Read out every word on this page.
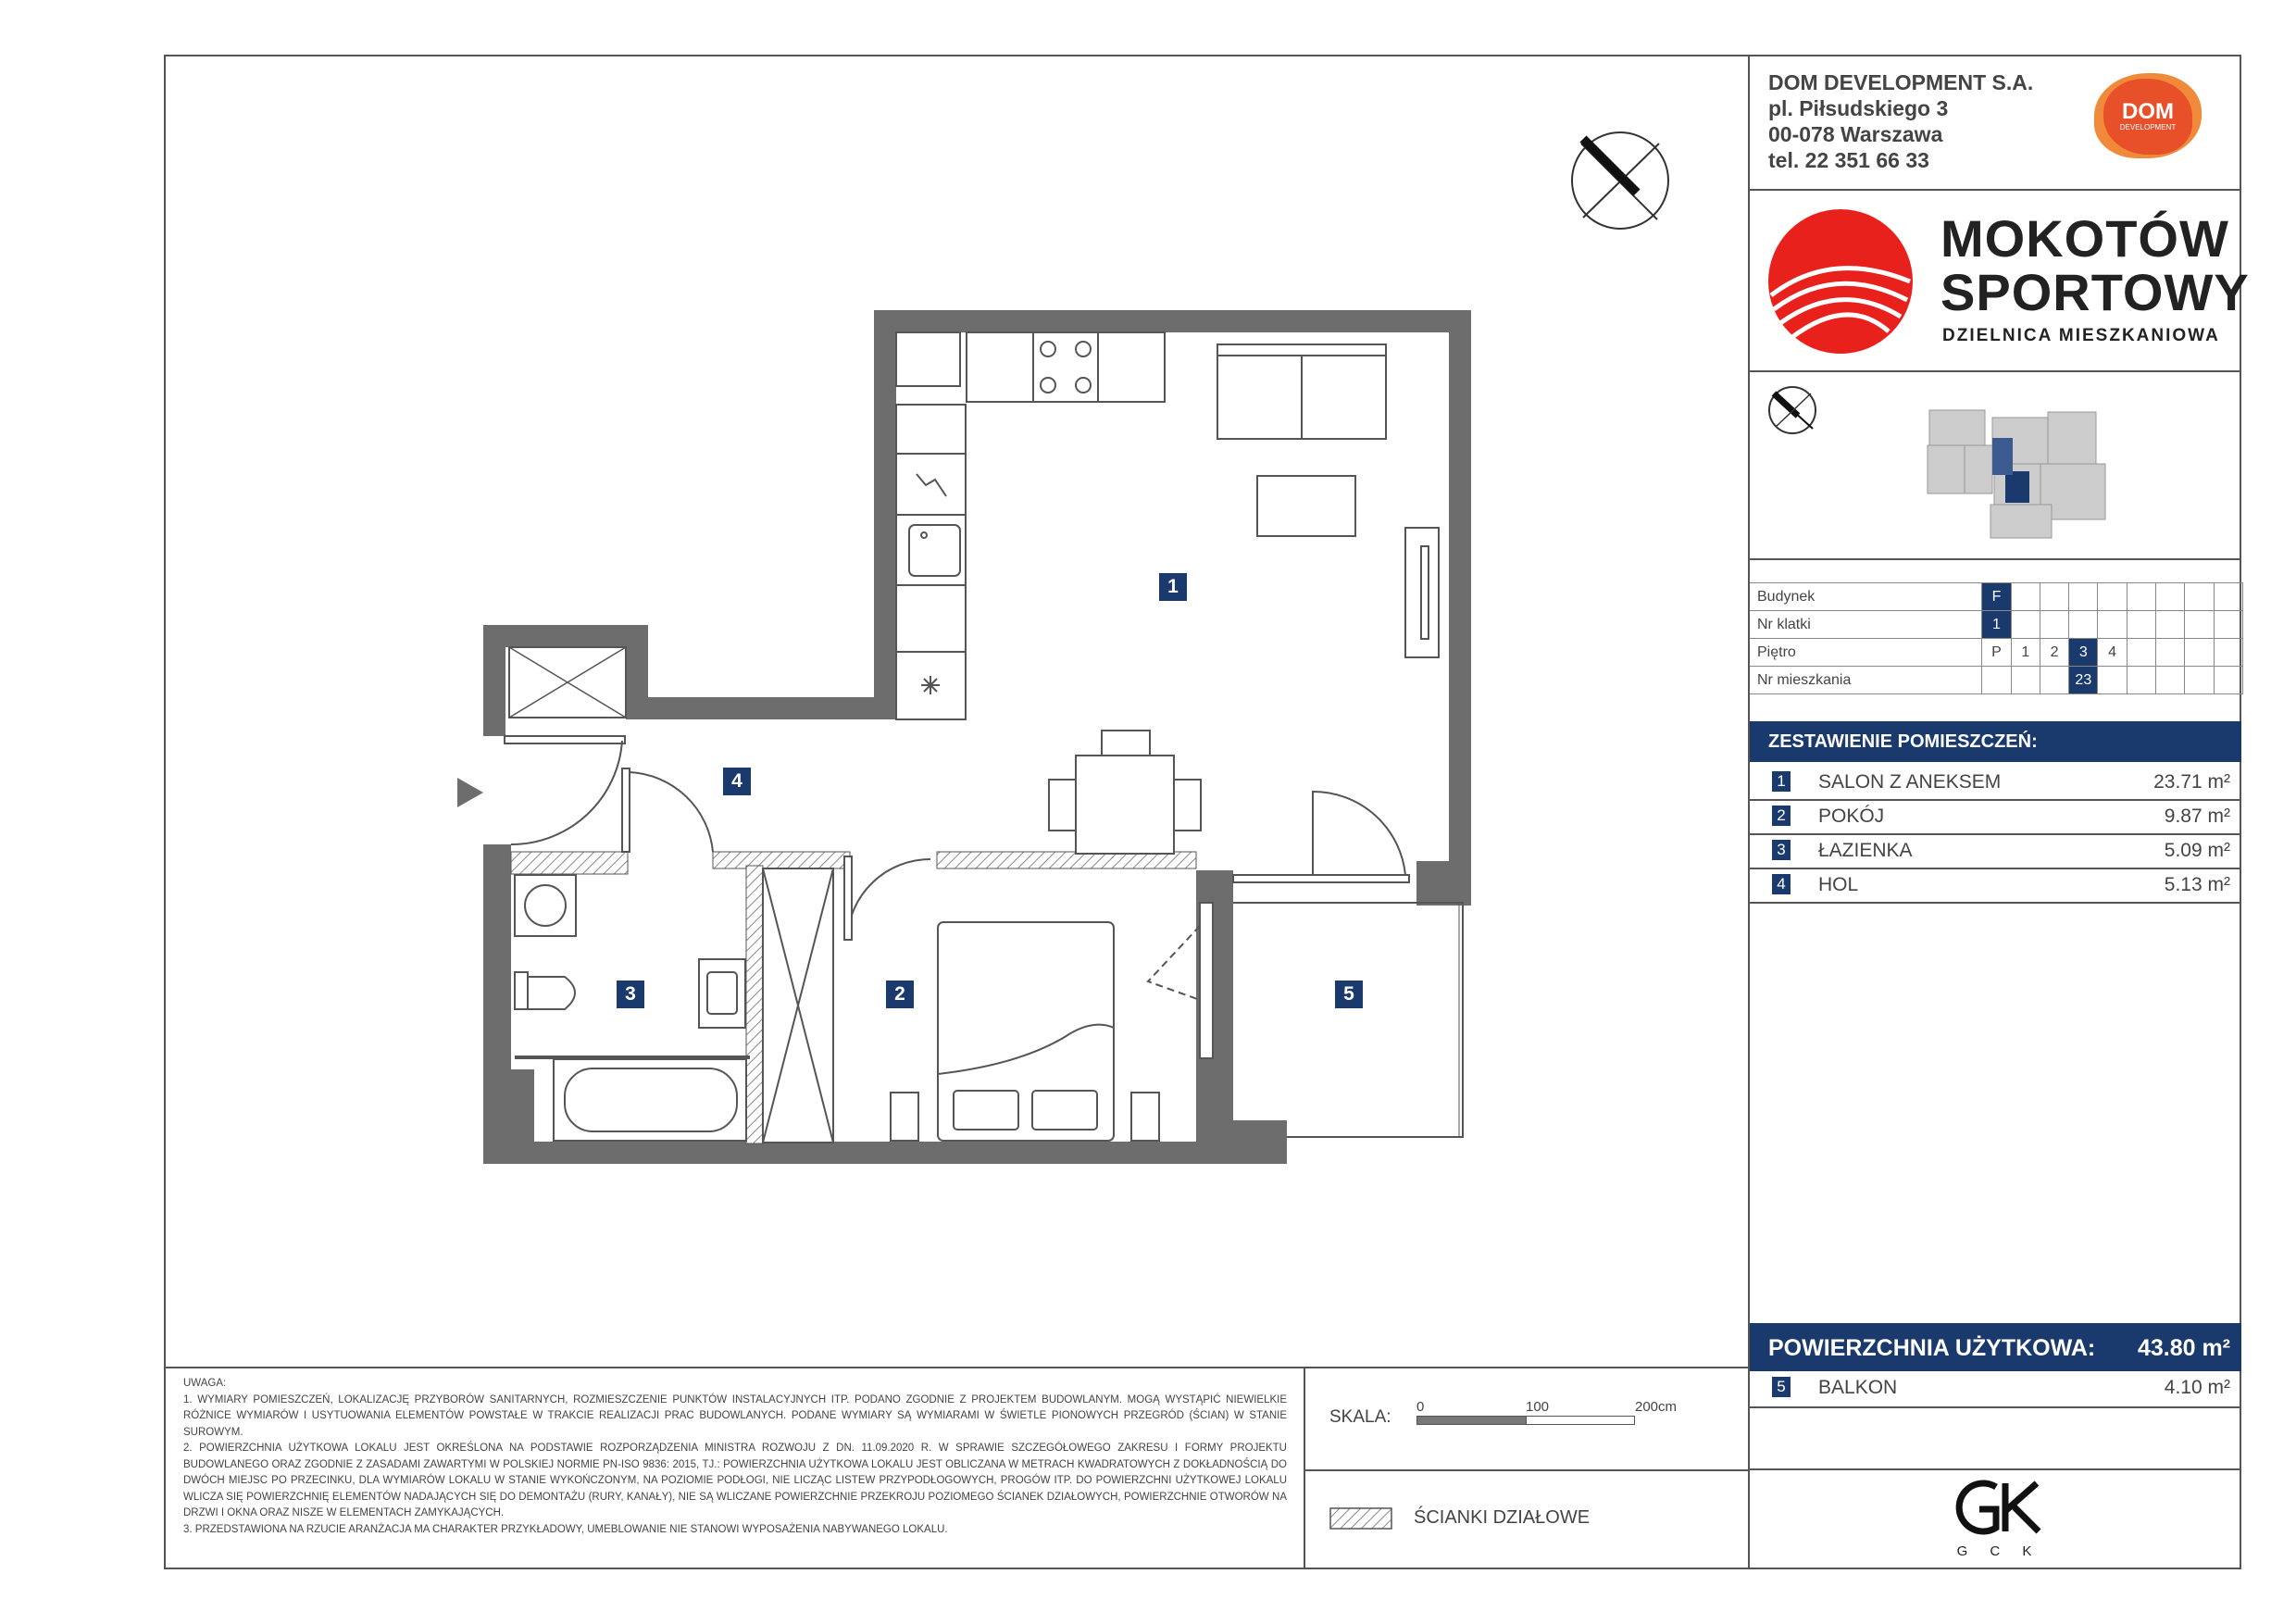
1
2
3
4
5
DOM DEVELOPMENT S.A.
pl. Piłsudskiego 3
00-078 Warszawa
tel. 22 351 66 33
DOM
DEVELOPMENT
MOKOTÓW
SPORTOWY
DZIELNICA MIESZKANIOWA
Budynek	F								
Nr klatki	1								
Piętro	P	1	2	3	4				
Nr mieszkania				23					
ZESTAWIENIE POMIESZCZEŃ:
1 SALON Z ANEKSEM	23.71 m²
2 POKÓJ	9.87 m²
3 ŁAZIENKA	5.09 m²
4 HOL	5.13 m²
POWIERZCHNIA UŻYTKOWA: 43.80 m²
5 BALKON	4.10 m²
G C K
UWAGA:
1. WYMIARY POMIESZCZEŃ, LOKALIZACJĘ PRZYBORÓW SANITARNYCH, ROZMIESZCZENIE PUNKTÓW INSTALACYJNYCH ITP. PODANO ZGODNIE Z PROJEKTEM BUDOWLANYM. MOGĄ WYSTĄPIĆ NIEWIELKIE RÓŻNICE WYMIARÓW I USYTUOWANIA ELEMENTÓW POWSTAŁE W TRAKCIE REALIZACJI PRAC BUDOWLANYCH. PODANE WYMIARY SĄ WYMIARAMI W ŚWIETLE PIONOWYCH PRZEGRÓD (ŚCIAN) W STANIE SUROWYM.
2. POWIERZCHNIA UŻYTKOWA LOKALU JEST OKREŚLONA NA PODSTAWIE ROZPORZĄDZENIA MINISTRA ROZWOJU Z DN. 11.09.2020 R. W SPRAWIE SZCZEGÓŁOWEGO ZAKRESU I FORMY PROJEKTU BUDOWLANEGO ORAZ ZGODNIE Z ZASADAMI ZAWARTYMI W POLSKIEJ NORMIE PN-ISO 9836: 2015, TJ.: POWIERZCHNIA UŻYTKOWA LOKALU JEST OBLICZANA W METRACH KWADRATOWYCH Z DOKŁADNOŚCIĄ DO DWÓCH MIEJSC PO PRZECINKU, DLA WYMIARÓW LOKALU W STANIE WYKOŃCZONYM, NA POZIOMIE PODŁOGI, NIE LICZĄC LISTEW PRZYPODŁOGOWYCH, PROGÓW ITP. DO POWIERZCHNI UŻYTKOWEJ LOKALU WLICZA SIĘ POWIERZCHNIĘ ELEMENTÓW NADAJĄCYCH SIĘ DO DEMONTAŻU (RURY, KANAŁY), NIE SĄ WLICZANE POWIERZCHNIE PRZEKROJU POZIOMEGO ŚCIANEK DZIAŁOWYCH, POWIERZCHNIE OTWORÓW NA DRZWI I OKNA ORAZ NISZE W ELEMENTACH ZAMYKAJĄCYCH.
3. PRZEDSTAWIONA NA RZUCIE ARANŻACJA MA CHARAKTER PRZYKŁADOWY, UMEBLOWANIE NIE STANOWI WYPOSAŻENIA NABYWANEGO LOKALU.
SKALA:
0	100	200cm
ŚCIANKI DZIAŁOWE
